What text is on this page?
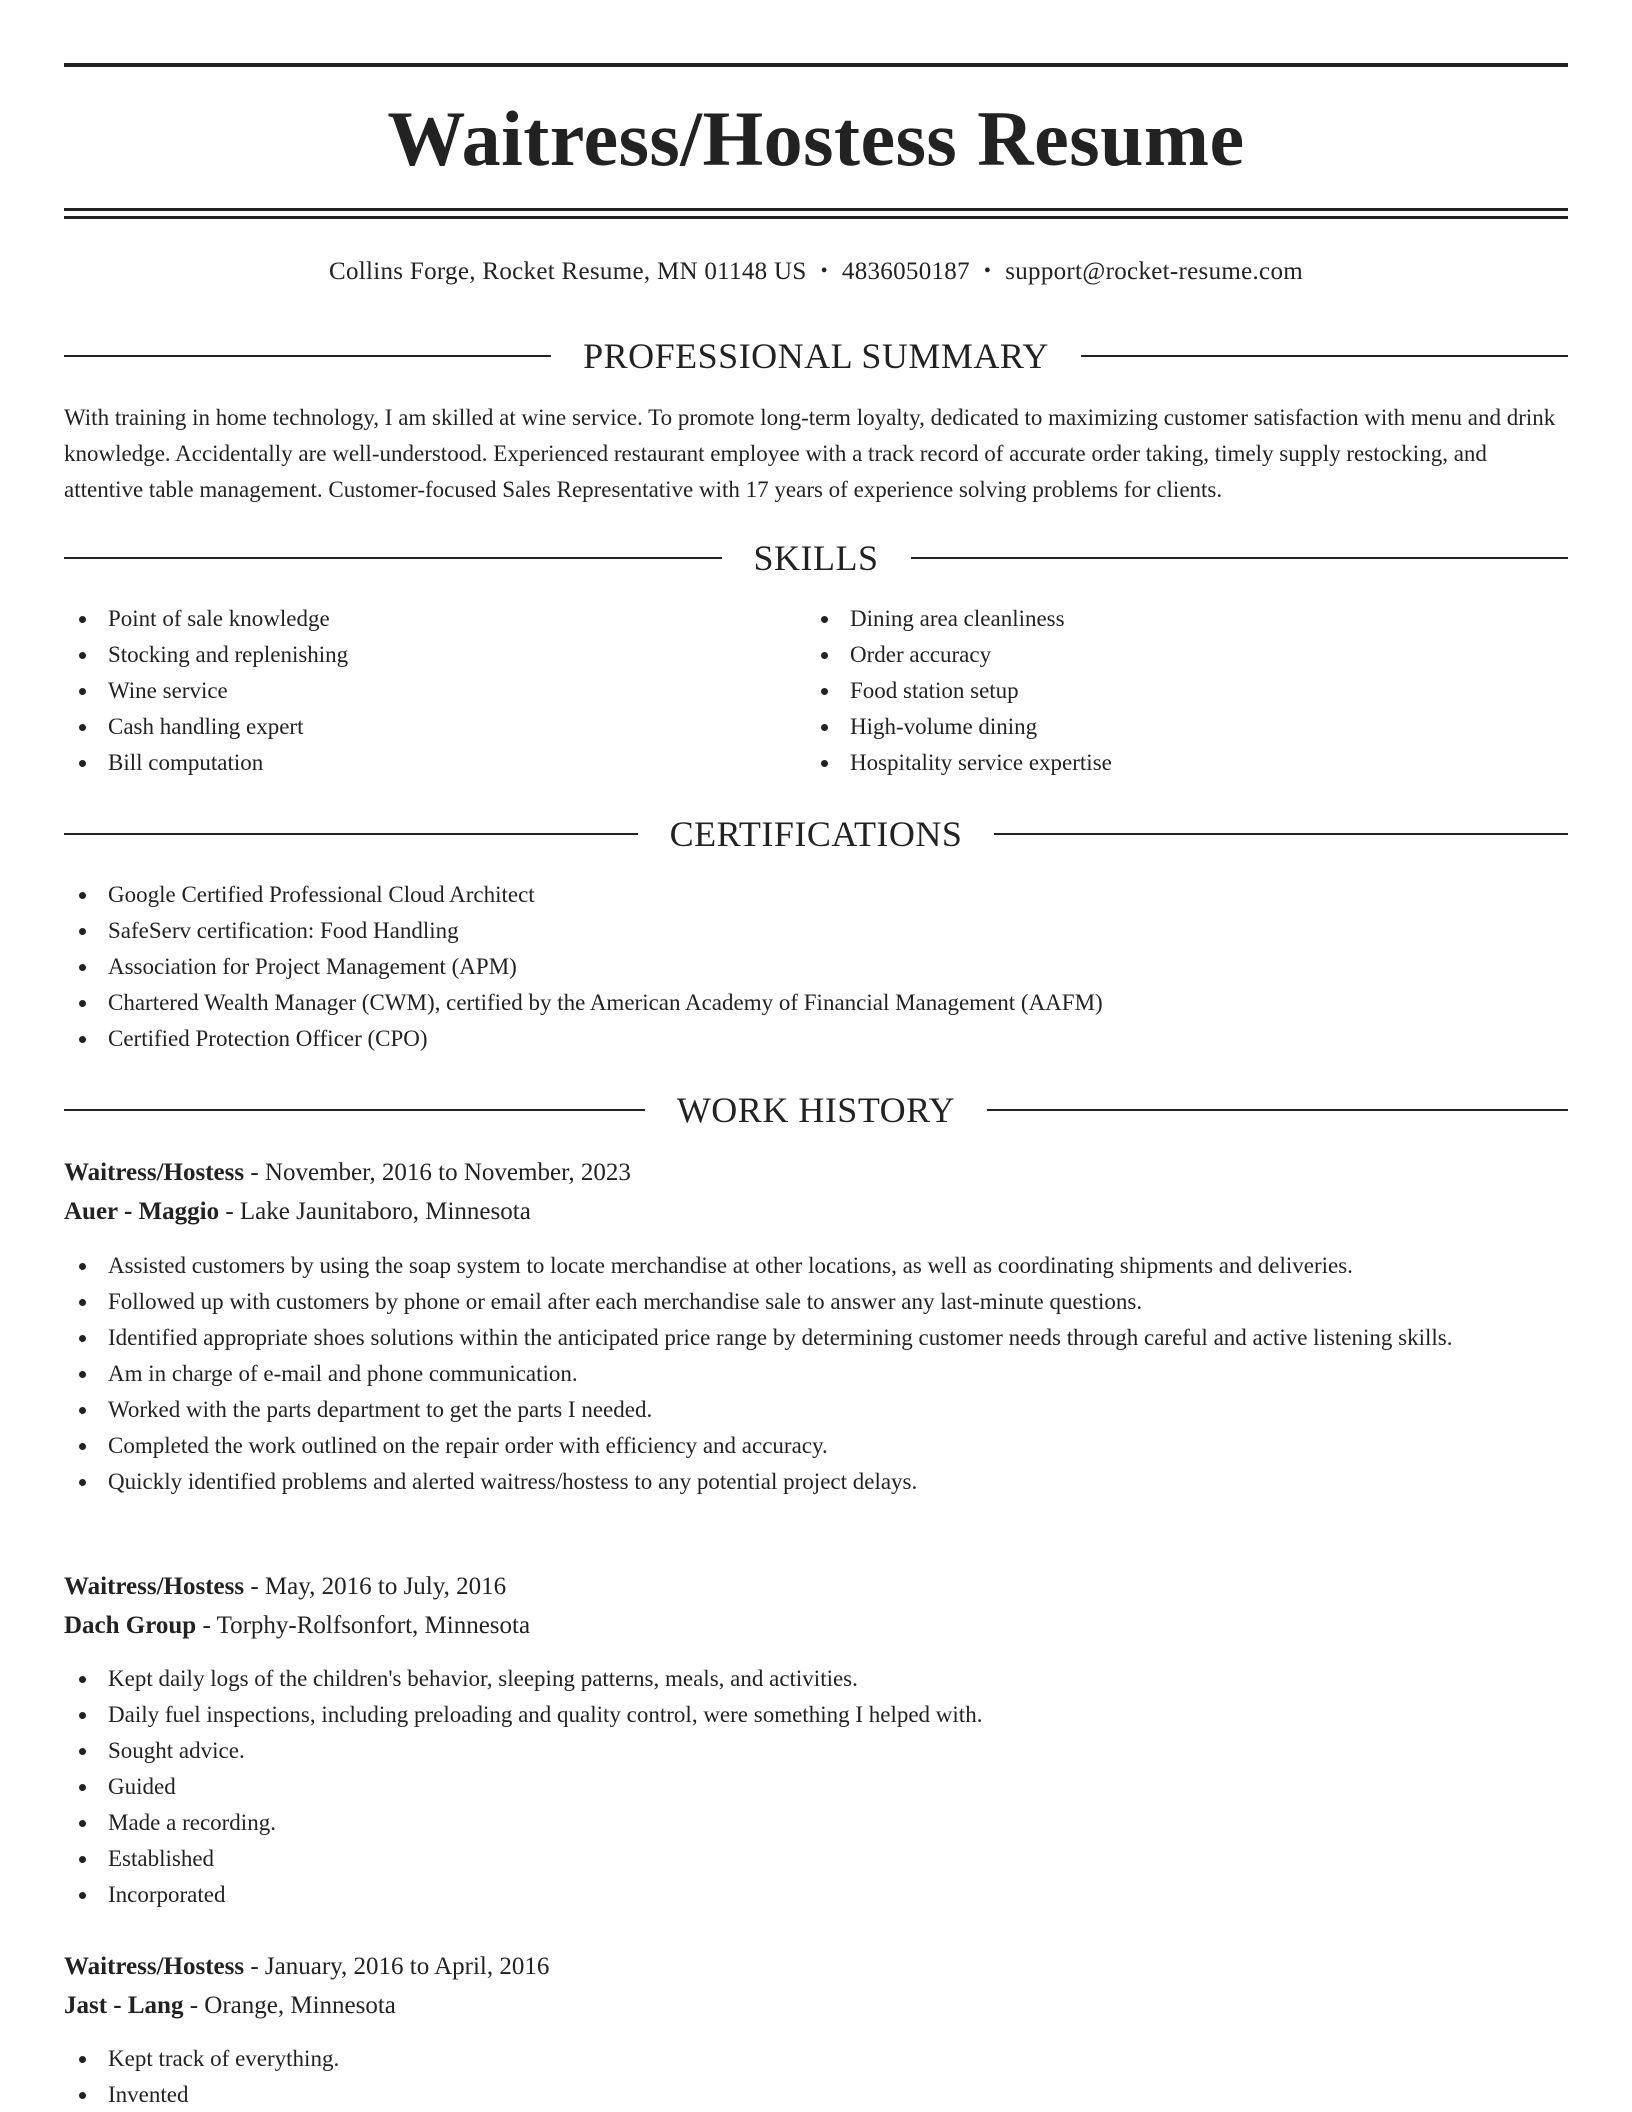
Waitress/Hostess Resume
Collins Forge, Rocket Resume, MN 01148 US • 4836050187 • support@rocket-resume.com
PROFESSIONAL SUMMARY

With training in home technology, I am skilled at wine service. To promote long-term loyalty, dedicated to maximizing customer satisfaction with menu and drink knowledge. Accidentally are well-understood. Experienced restaurant employee with a track record of accurate order taking, timely supply restocking, and attentive table management. Customer-focused Sales Representative with 17 years of experience solving problems for clients.

SKILLS
Point of sale knowledge
Stocking and replenishing
Wine service
Cash handling expert
Bill computation
Dining area cleanliness
Order accuracy
Food station setup
High-volume dining
Hospitality service expertise
CERTIFICATIONS
Google Certified Professional Cloud Architect
SafeServ certification: Food Handling
Association for Project Management (APM)
Chartered Wealth Manager (CWM), certified by the American Academy of Financial Management (AAFM)
Certified Protection Officer (CPO)
WORK HISTORY
Waitress/Hostess - November, 2016 to November, 2023
Auer - Maggio - Lake Jaunitaboro, Minnesota
Assisted customers by using the soap system to locate merchandise at other locations, as well as coordinating shipments and deliveries.
Followed up with customers by phone or email after each merchandise sale to answer any last-minute questions.
Identified appropriate shoes solutions within the anticipated price range by determining customer needs through careful and active listening skills.
Am in charge of e-mail and phone communication.
Worked with the parts department to get the parts I needed.
Completed the work outlined on the repair order with efficiency and accuracy.
Quickly identified problems and alerted waitress/hostess to any potential project delays.
Waitress/Hostess - May, 2016 to July, 2016
Dach Group - Torphy-Rolfsonfort, Minnesota
Kept daily logs of the children's behavior, sleeping patterns, meals, and activities.
Daily fuel inspections, including preloading and quality control, were something I helped with.
Sought advice.
Guided
Made a recording.
Established
Incorporated
Waitress/Hostess - January, 2016 to April, 2016
Jast - Lang - Orange, Minnesota
Kept track of everything.
Invented
